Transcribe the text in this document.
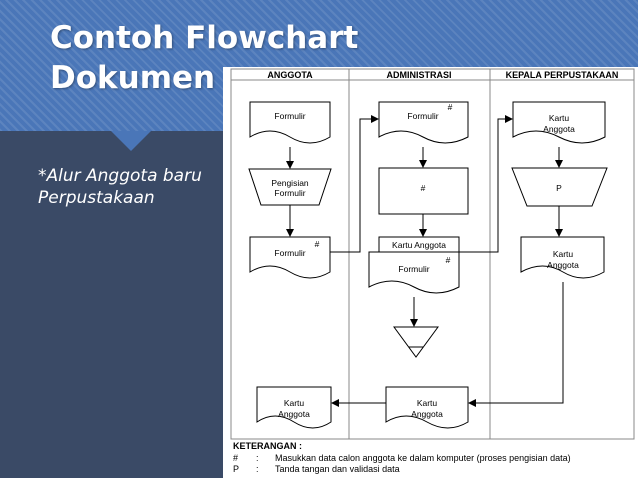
Contoh Flowchart
Dokumen
*Alur Anggota baru Perpustakaan
ANGGOTA	ADMINISTRASI	KEPALA PERPUSTAKAAN
Formulir
Pengisian
Formulir
Formulir
#
Kartu
Anggota
Formulir
#
#
Kartu Anggota
Formulir
#
Kartu
Anggota
Kartu
Anggota
P
Kartu
Anggota
KETERANGAN :
# : Masukkan data calon anggota ke dalam komputer (proses pengisian data)
P : Tanda tangan dan validasi data
